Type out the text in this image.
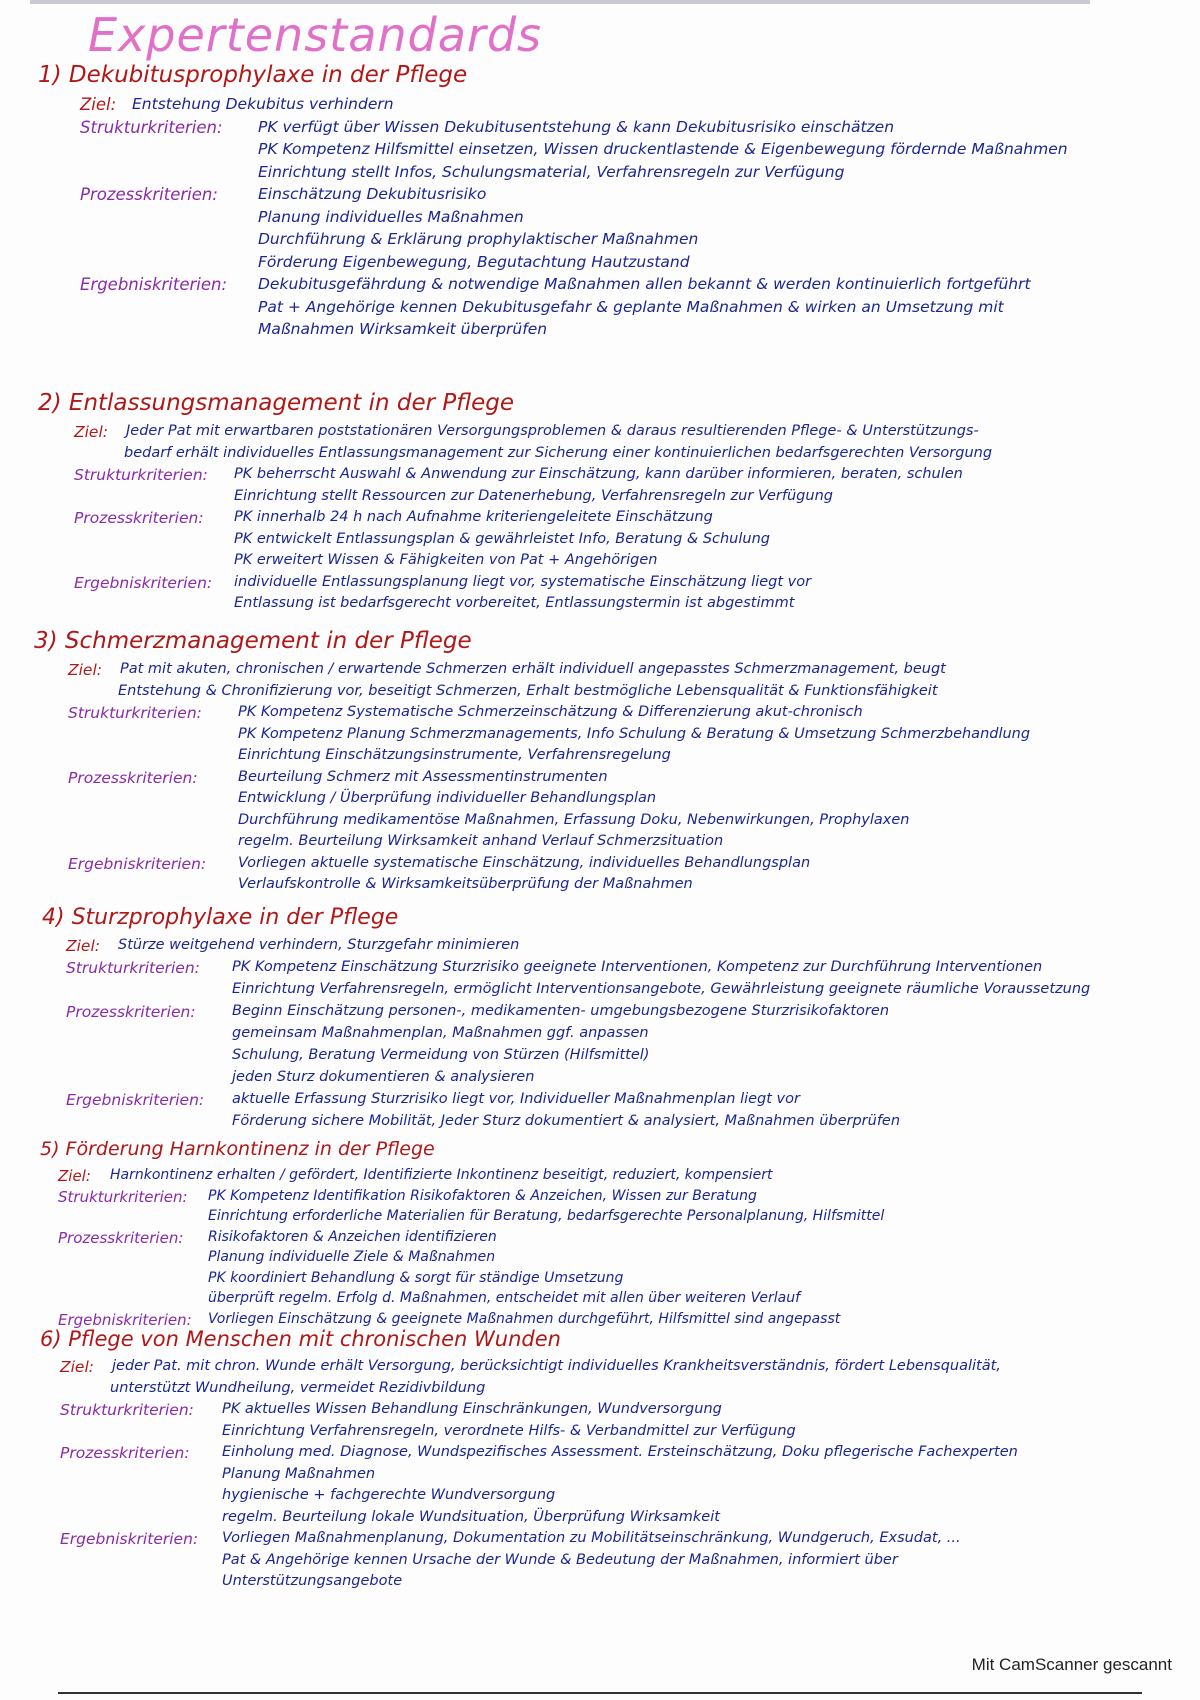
Expertenstandards
1) Dekubitusprophylaxe in der Pflege
Ziel: Entstehung Dekubitus verhindern
Strukturkriterien: PK verfügt über Wissen Dekubitusentstehung & kann Dekubitusrisiko einschätzen
PK Kompetenz Hilfsmittel einsetzen, Wissen druckentlastende & Eigenbewegung fördernde Maßnahmen
Einrichtung stellt Infos, Schulungsmaterial, Verfahrensregeln zur Verfügung
Prozesskriterien:	Einschätzung Dekubitusrisiko
Planung individuelles Maßnahmen
Durchführung & Erklärung prophylaktischer Maßnahmen
Förderung Eigenbewegung, Begutachtung Hautzustand
Ergebniskriterien: Dekubitusgefährdung & notwendige Maßnahmen allen bekannt & werden kontinuierlich fortgeführt
Pat + Angehörige kennen Dekubitusgefahr & geplante Maßnahmen & wirken an Umsetzung mit
Maßnahmen Wirksamkeit überprüfen
2) Entlassungsmanagement in der Pflege
Ziel: Jeder Pat mit erwartbaren poststationären Versorgungsproblemen & daraus resultierenden Pflege- & Unterstützungs-
bedarf erhält individuelles Entlassungsmanagement zur Sicherung einer kontinuierlichen bedarfsgerechten Versorgung
Strukturkriterien: PK beherrscht Auswahl & Anwendung zur Einschätzung, kann darüber informieren, beraten, schulen
Einrichtung stellt Ressourcen zur Datenerhebung, Verfahrensregeln zur Verfügung
Prozesskriterien: PK innerhalb 24 h nach Aufnahme kriteriengeleitete Einschätzung
PK entwickelt Entlassungsplan & gewährleistet Info, Beratung & Schulung
PK erweitert Wissen & Fähigkeiten von Pat + Angehörigen
Ergebniskriterien: individuelle Entlassungsplanung liegt vor, systematische Einschätzung liegt vor
Entlassung ist bedarfsgerecht vorbereitet, Entlassungstermin ist abgestimmt
3) Schmerzmanagement in der Pflege
Ziel: Pat mit akuten, chronischen / erwartende Schmerzen erhält individuell angepasstes Schmerzmanagement, beugt
Entstehung & Chronifizierung vor, beseitigt Schmerzen, Erhalt bestmögliche Lebensqualität & Funktionsfähigkeit
Strukturkriterien: PK Kompetenz Systematische Schmerzeinschätzung & Differenzierung akut-chronisch
PK Kompetenz Planung Schmerzmanagements, Info Schulung & Beratung & Umsetzung Schmerzbehandlung
Einrichtung Einschätzungsinstrumente, Verfahrensregelung
Prozesskriterien:	Beurteilung Schmerz mit Assessmentinstrumenten
Entwicklung / Überprüfung individueller Behandlungsplan
Durchführung medikamentöse Maßnahmen, Erfassung Doku, Nebenwirkungen, Prophylaxen
regelm. Beurteilung Wirksamkeit anhand Verlauf Schmerzsituation
Ergebniskriterien: Vorliegen aktuelle systematische Einschätzung, individuelles Behandlungsplan
Verlaufskontrolle & Wirksamkeitsüberprüfung der Maßnahmen
4) Sturzprophylaxe in der Pflege
Ziel: Stürze weitgehend verhindern, Sturzgefahr minimieren
Strukturkriterien: PK Kompetenz Einschätzung Sturzrisiko geeignete Interventionen, Kompetenz zur Durchführung Interventionen
Einrichtung Verfahrensregeln, ermöglicht Interventionsangebote, Gewährleistung geeignete räumliche Voraussetzung
Prozesskriterien:	Beginn Einschätzung personen-, medikamenten- umgebungsbezogene Sturzrisikofaktoren
gemeinsam Maßnahmenplan, Maßnahmen ggf. anpassen
Schulung, Beratung Vermeidung von Stürzen (Hilfsmittel)
jeden Sturz dokumentieren & analysieren
Ergebniskriterien: aktuelle Erfassung Sturzrisiko liegt vor, Individueller Maßnahmenplan liegt vor
Förderung sichere Mobilität, Jeder Sturz dokumentiert & analysiert, Maßnahmen überprüfen
5) Förderung Harnkontinenz in der Pflege
Ziel: Harnkontinenz erhalten / gefördert, Identifizierte Inkontinenz beseitigt, reduziert, kompensiert
Strukturkriterien: PK Kompetenz Identifikation Risikofaktoren & Anzeichen, Wissen zur Beratung
Einrichtung erforderliche Materialien für Beratung, bedarfsgerechte Personalplanung, Hilfsmittel
Prozesskriterien: Risikofaktoren & Anzeichen identifizieren
Planung individuelle Ziele & Maßnahmen
PK koordiniert Behandlung & sorgt für ständige Umsetzung
überprüft regelm. Erfolg d. Maßnahmen, entscheidet mit allen über weiteren Verlauf
Ergebniskriterien: Vorliegen Einschätzung & geeignete Maßnahmen durchgeführt, Hilfsmittel sind angepasst
6) Pflege von Menschen mit chronischen Wunden
Ziel: jeder Pat. mit chron. Wunde erhält Versorgung, berücksichtigt individuelles Krankheitsverständnis, fördert Lebensqualität,
unterstützt Wundheilung, vermeidet Rezidivbildung
Strukturkriterien: PK aktuelles Wissen Behandlung Einschränkungen, Wundversorgung
Einrichtung Verfahrensregeln, verordnete Hilfs- & Verbandmittel zur Verfügung
Prozesskriterien: Einholung med. Diagnose, Wundspezifisches Assessment. Ersteinschätzung, Doku pflegerische Fachexperten
Planung Maßnahmen
hygienische + fachgerechte Wundversorgung
regelm. Beurteilung lokale Wundsituation, Überprüfung Wirksamkeit
Ergebniskriterien: Vorliegen Maßnahmenplanung, Dokumentation zu Mobilitätseinschränkung, Wundgeruch, Exsudat, ...
Pat & Angehörige kennen Ursache der Wunde & Bedeutung der Maßnahmen, informiert über
Unterstützungsangebote
Mit CamScanner gescannt
